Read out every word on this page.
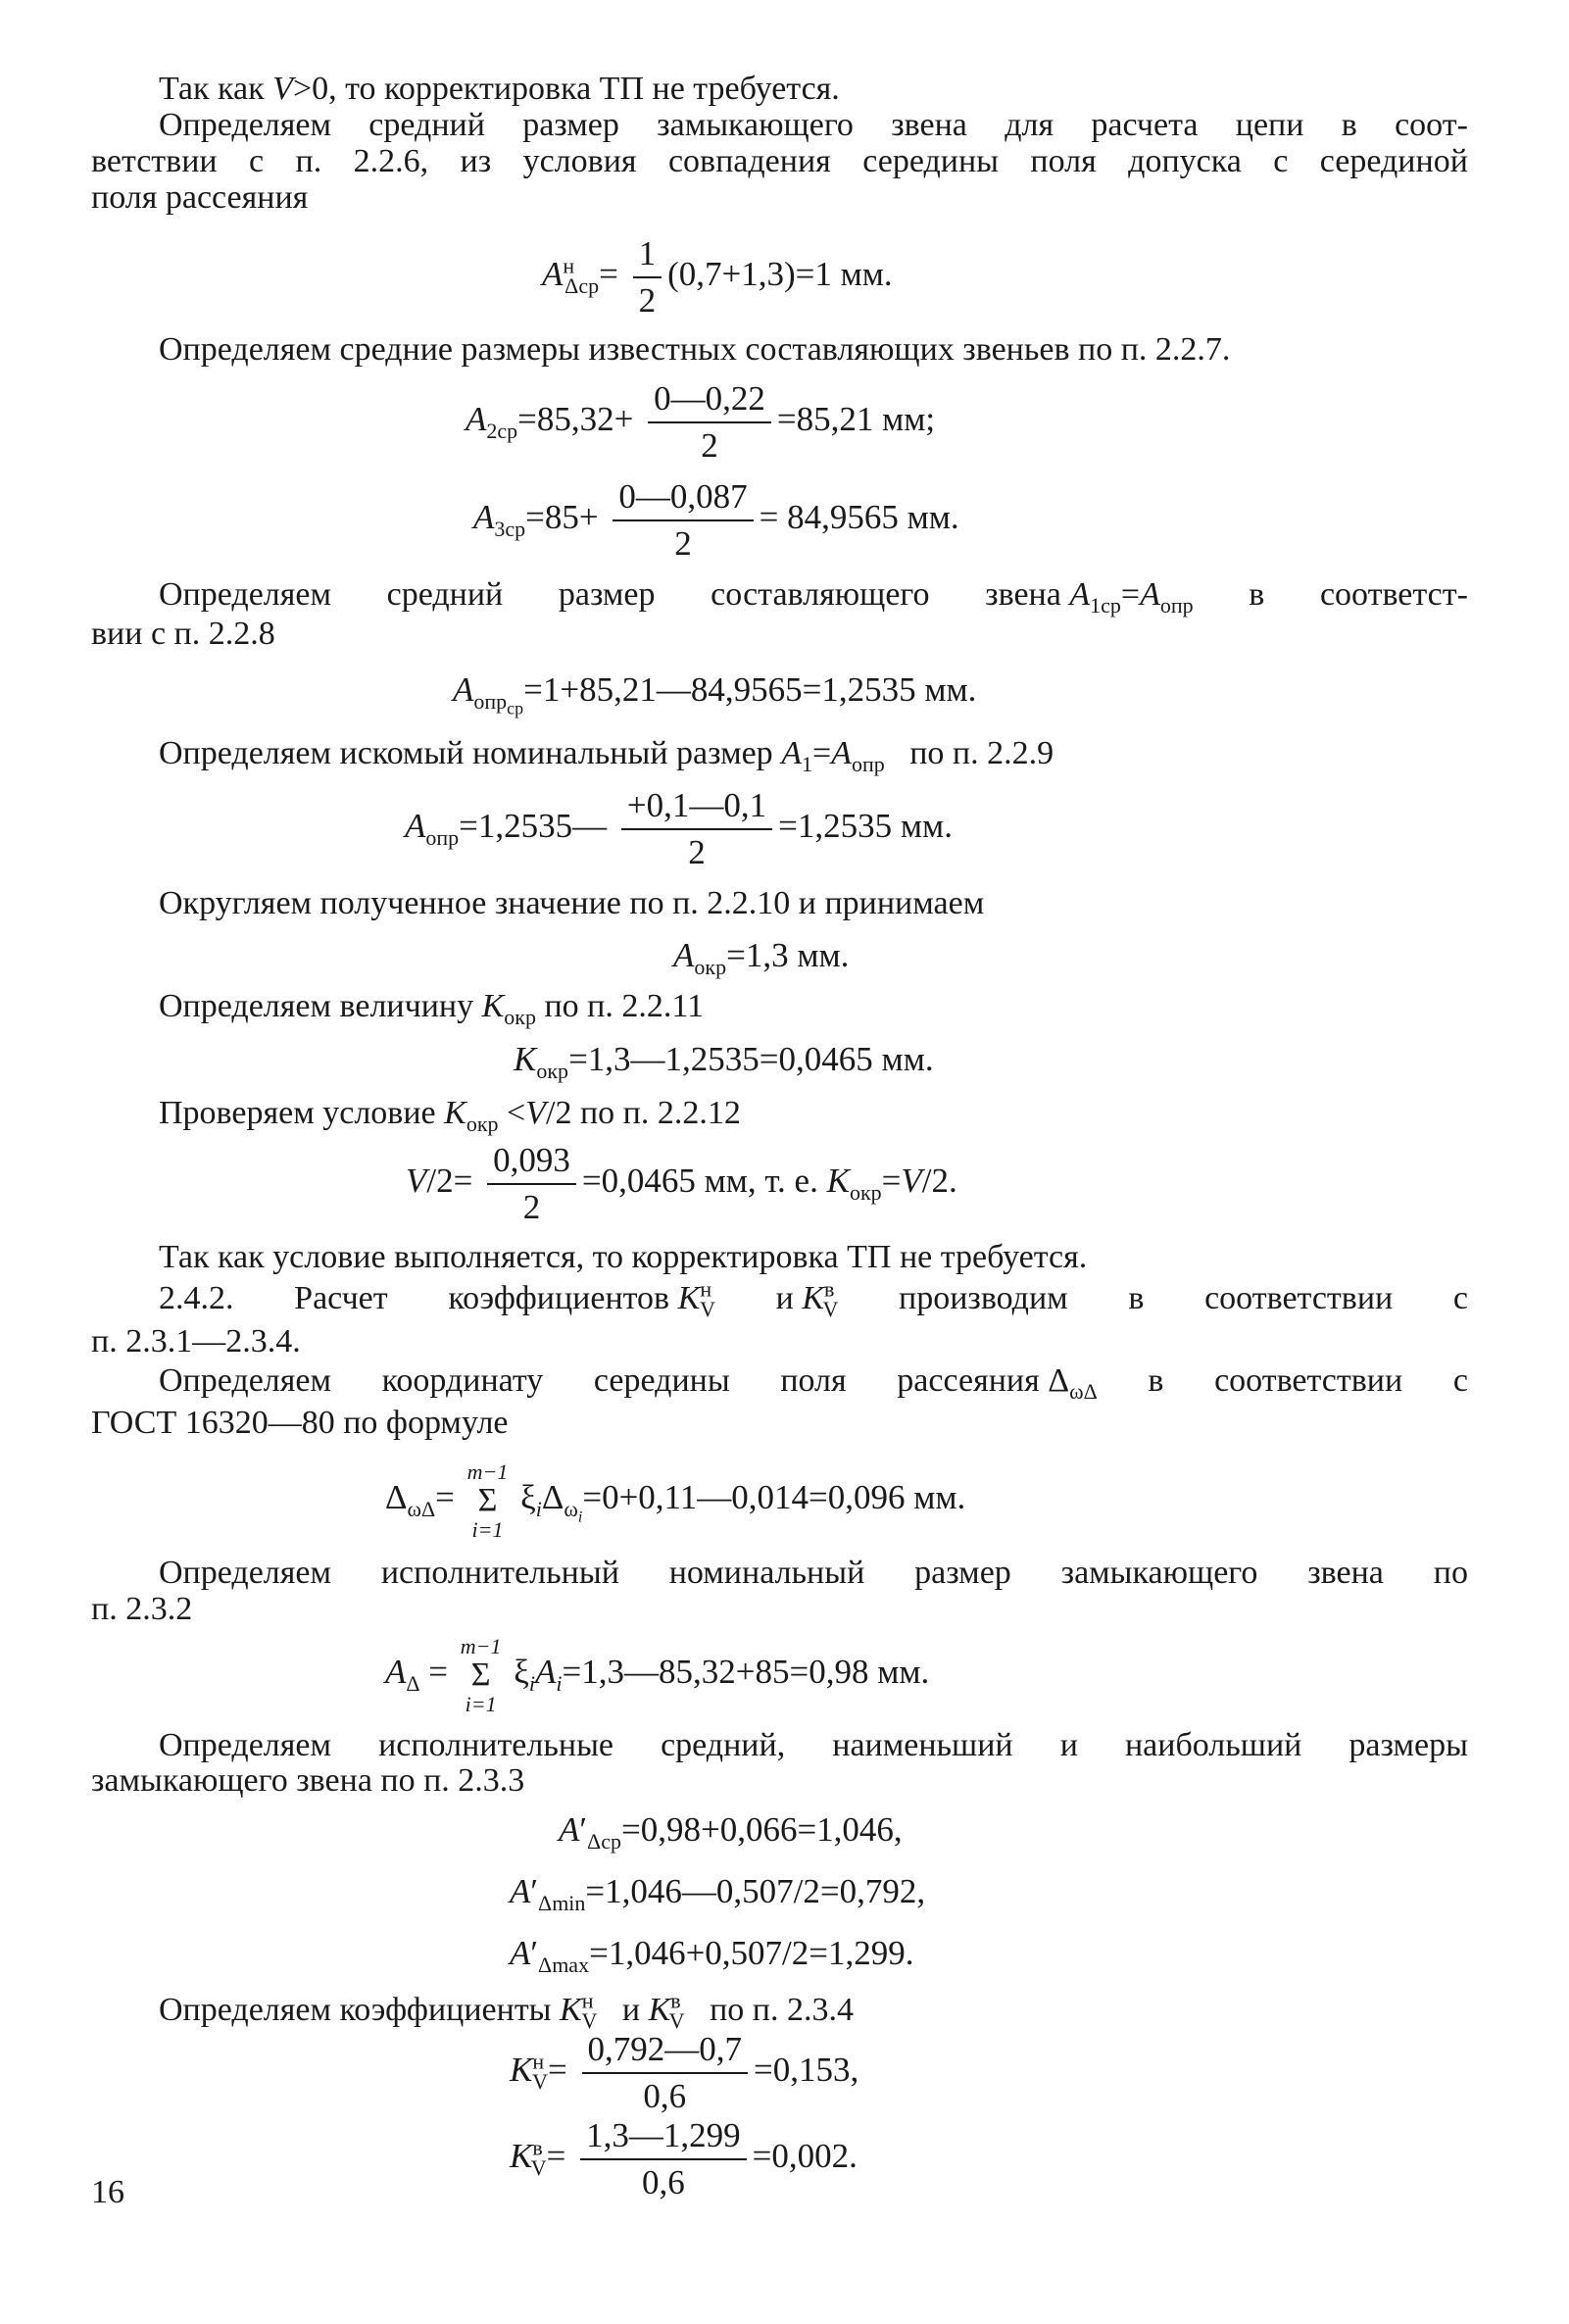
Так как V>0, то корректировка ТП не требуется.
Определяем средний размер замыкающего звена для расчета цепи в соот-
ветствии с п. 2.2.6, из условия совпадения середины поля допуска с серединой
поля рассеяния
$A^н_{\Delta ср}= \frac{1}{2} (0,7+1,3)=1$ мм.
Определяем средние размеры известных составляющих звеньев по п. 2.2.7.
$A_{2ср}=85,32+ \frac{0—0,22}{2} =85,21$ мм;
$A_{3ср}=85+ \frac{0—0,087}{2} = 84,9565$ мм.
Определяем средний размер составляющего звена $A_{1ср}=A_{опр}$ в соответст-
вии с п. 2.2.8
$A_{опр_{ср}}=1+85,21—84,9565=1,2535$ мм.
Определяем искомый номинальный размер $A_1=A_{опр}$   по п. 2.2.9
$A_{опр}=1,2535— \frac{+0,1—0,1}{2} =1,2535$ мм.
Округляем полученное значение по п. 2.2.10 и принимаем
$A_{окр}=1,3$ мм.
Определяем величину $K_{окр}$ по п. 2.2.11
$K_{окр}=1,3—1,2535=0,0465$ мм.
Проверяем условие $K_{окр} <V/2$ по п. 2.2.12
$V/2= \frac{0,093}{2} =0,0465$ мм, т. е. $K_{окр}=V/2$.
Так как условие выполняется, то корректировка ТП не требуется.
2.4.2. Расчет коэффициентов $K^н_V$ и $K^в_V$ производим в соответствии с
п. 2.3.1—2.3.4.
Определяем координату середины поля рассеяния $\Delta_{\omega\Delta}$ в соответствии с
ГОСТ 16320—80 по формуле
$\Delta_{\omega\Delta}=$
m−1
Σ
i=1
$\xi_i\Delta_{\omega_i}=0+0,11—0,014=0,096$ мм.
Определяем исполнительный номинальный размер замыкающего звена по
п. 2.3.2
$A_\Delta$ =
m−1
Σ
i=1
$\xi_iA_i=1,3—85,32+85=0,98$ мм.
Определяем исполнительные средний, наименьший и наибольший размеры
замыкающего звена по п. 2.3.3
$A'_{\Delta ср}=0,98+0,066=1,046$,
$A'_{\Delta min}=1,046—0,507/2=0,792$,
$A'_{\Delta max}=1,046+0,507/2=1,299$.
Определяем коэффициенты $K^н_V$   и $K^в_V$   по п. 2.3.4
$K^н_V= \frac{0,792—0,7}{0,6} =0,153$,
$K^в_V= \frac{1,3—1,299}{0,6} =0,002$.
16
